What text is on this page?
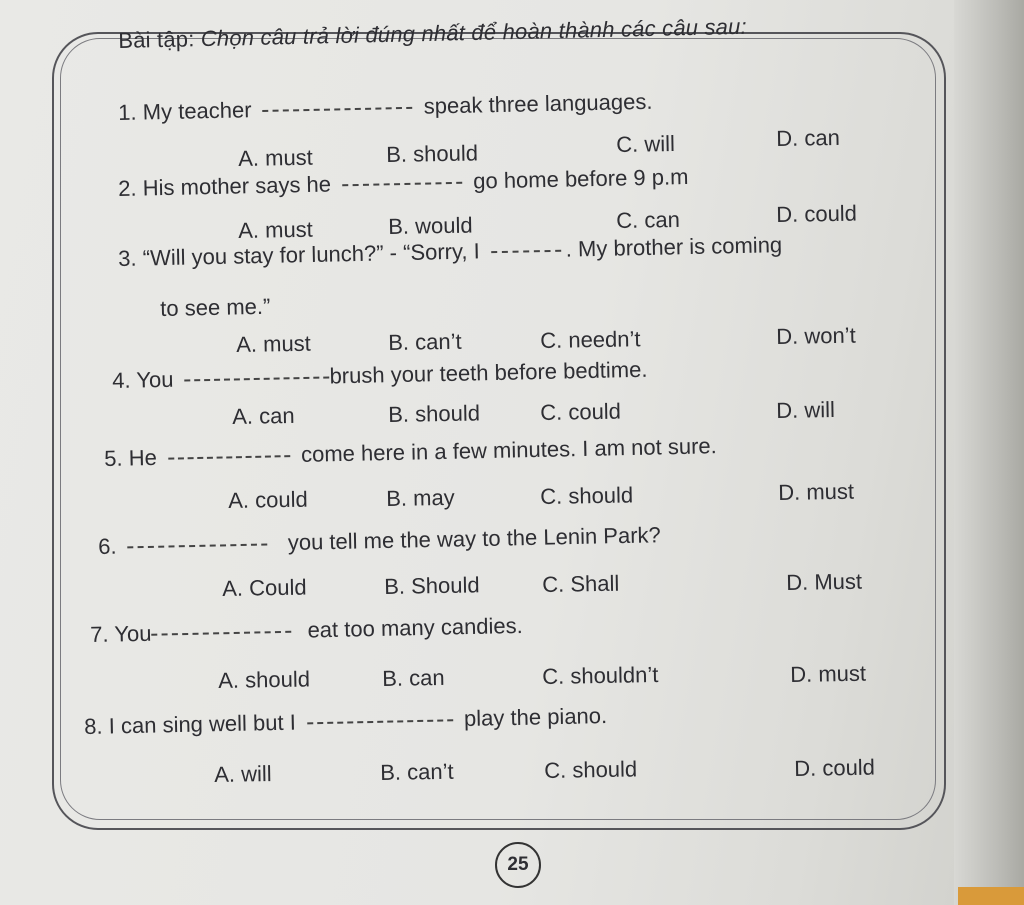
Bài tập: Chọn câu trả lời đúng nhất để hoàn thành các câu sau:
1. My teacher	speak three languages.
A. must	B. should	C. will	D. can
2. His mother says he	go home before 9 p.m
A. must	B. would	C. can	D. could
3. “Will you stay for lunch?” - “Sorry, I	. My brother is coming
to see me.”
A. must	B. can’t	C. needn’t	D. won’t
4. You	brush your teeth before bedtime.
A. can	B. should	C. could	D. will
5. He	come here in a few minutes. I am not sure.
A. could	B. may	C. should	D. must
6.	you tell me the way to the Lenin Park?
A. Could	B. Should	C. Shall	D. Must
7. You	eat too many candies.
A. should	B. can	C. shouldn’t	D. must
8. I can sing well but I	play the piano.
A. will	B. can’t	C. should	D. could
25
